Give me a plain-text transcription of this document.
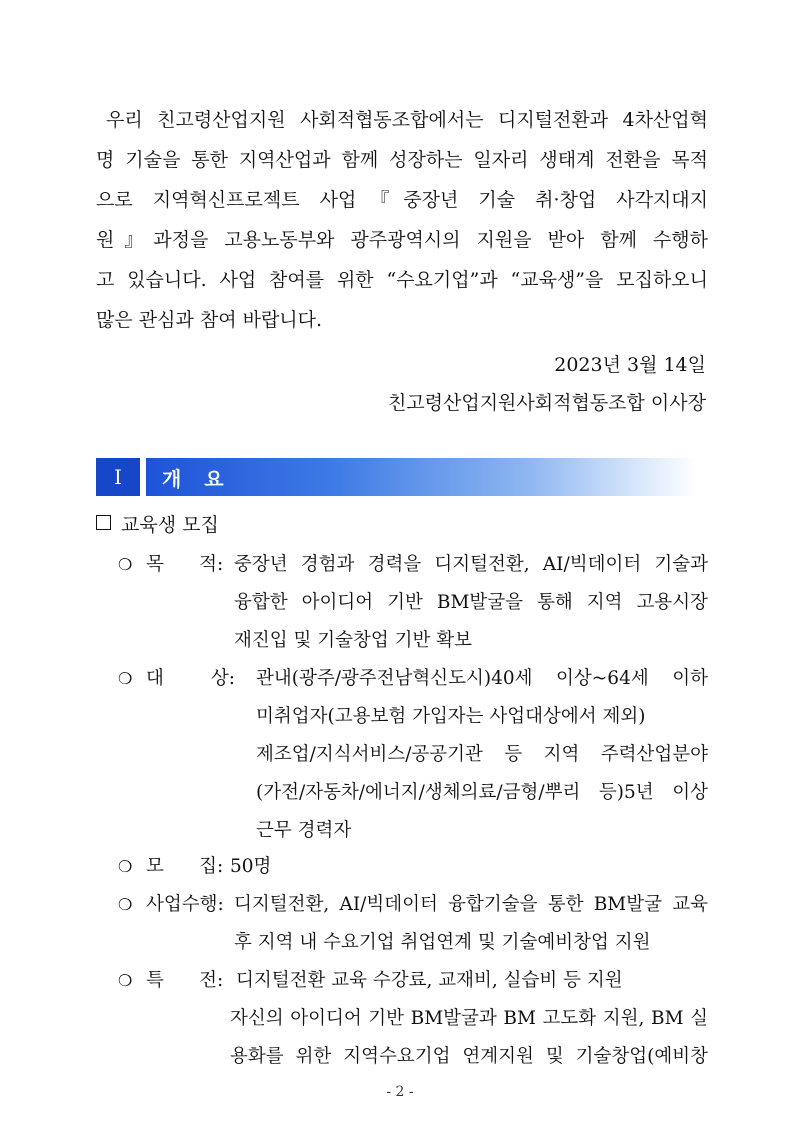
우리 친고령산업지원 사회적협동조합에서는 디지털전환과 4차산업혁
명 기술을 통한 지역산업과 함께 성장하는 일자리 생태계 전환을 목적
으로 지역혁신프로젝트 사업『중장년 기술 취·창업 사각지대지
원』과정을 고용노동부와 광주광역시의 지원을 받아 함께 수행하
고 있습니다. 사업 참여를 위한 “수요기업”과 “교육생”을 모집하오니
많은 관심과 참여 바랍니다.
2023년 3월 14일
친고령산업지원사회적협동조합 이사장
Ⅰ	개 요
교육생 모집
❍ 목      적: 중장년 경험과 경력을 디지털전환, AI/빅데이터 기술과
융합한 아이디어 기반 BM발굴을 통해 지역 고용시장
재진입 및 기술창업 기반 확보
❍ 대        상: 관내(광주/광주전남혁신도시)40세 이상~64세 이하
미취업자(고용보험 가입자는 사업대상에서 제외)
제조업/지식서비스/공공기관 등 지역 주력산업분야
(가전/자동차/에너지/생체의료/금형/뿌리 등)5년 이상
근무 경력자
❍ 모      집: 50명
❍ 사업수행: 디지털전환, AI/빅데이터 융합기술을 통한 BM발굴 교육
후 지역 내 수요기업 취업연계 및 기술예비창업 지원
❍ 특      전: 디지털전환 교육 수강료, 교재비, 실습비 등 지원
자신의 아이디어 기반 BM발굴과 BM 고도화 지원, BM 실
용화를 위한 지역수요기업 연계지원 및 기술창업(예비창
- 2 -
